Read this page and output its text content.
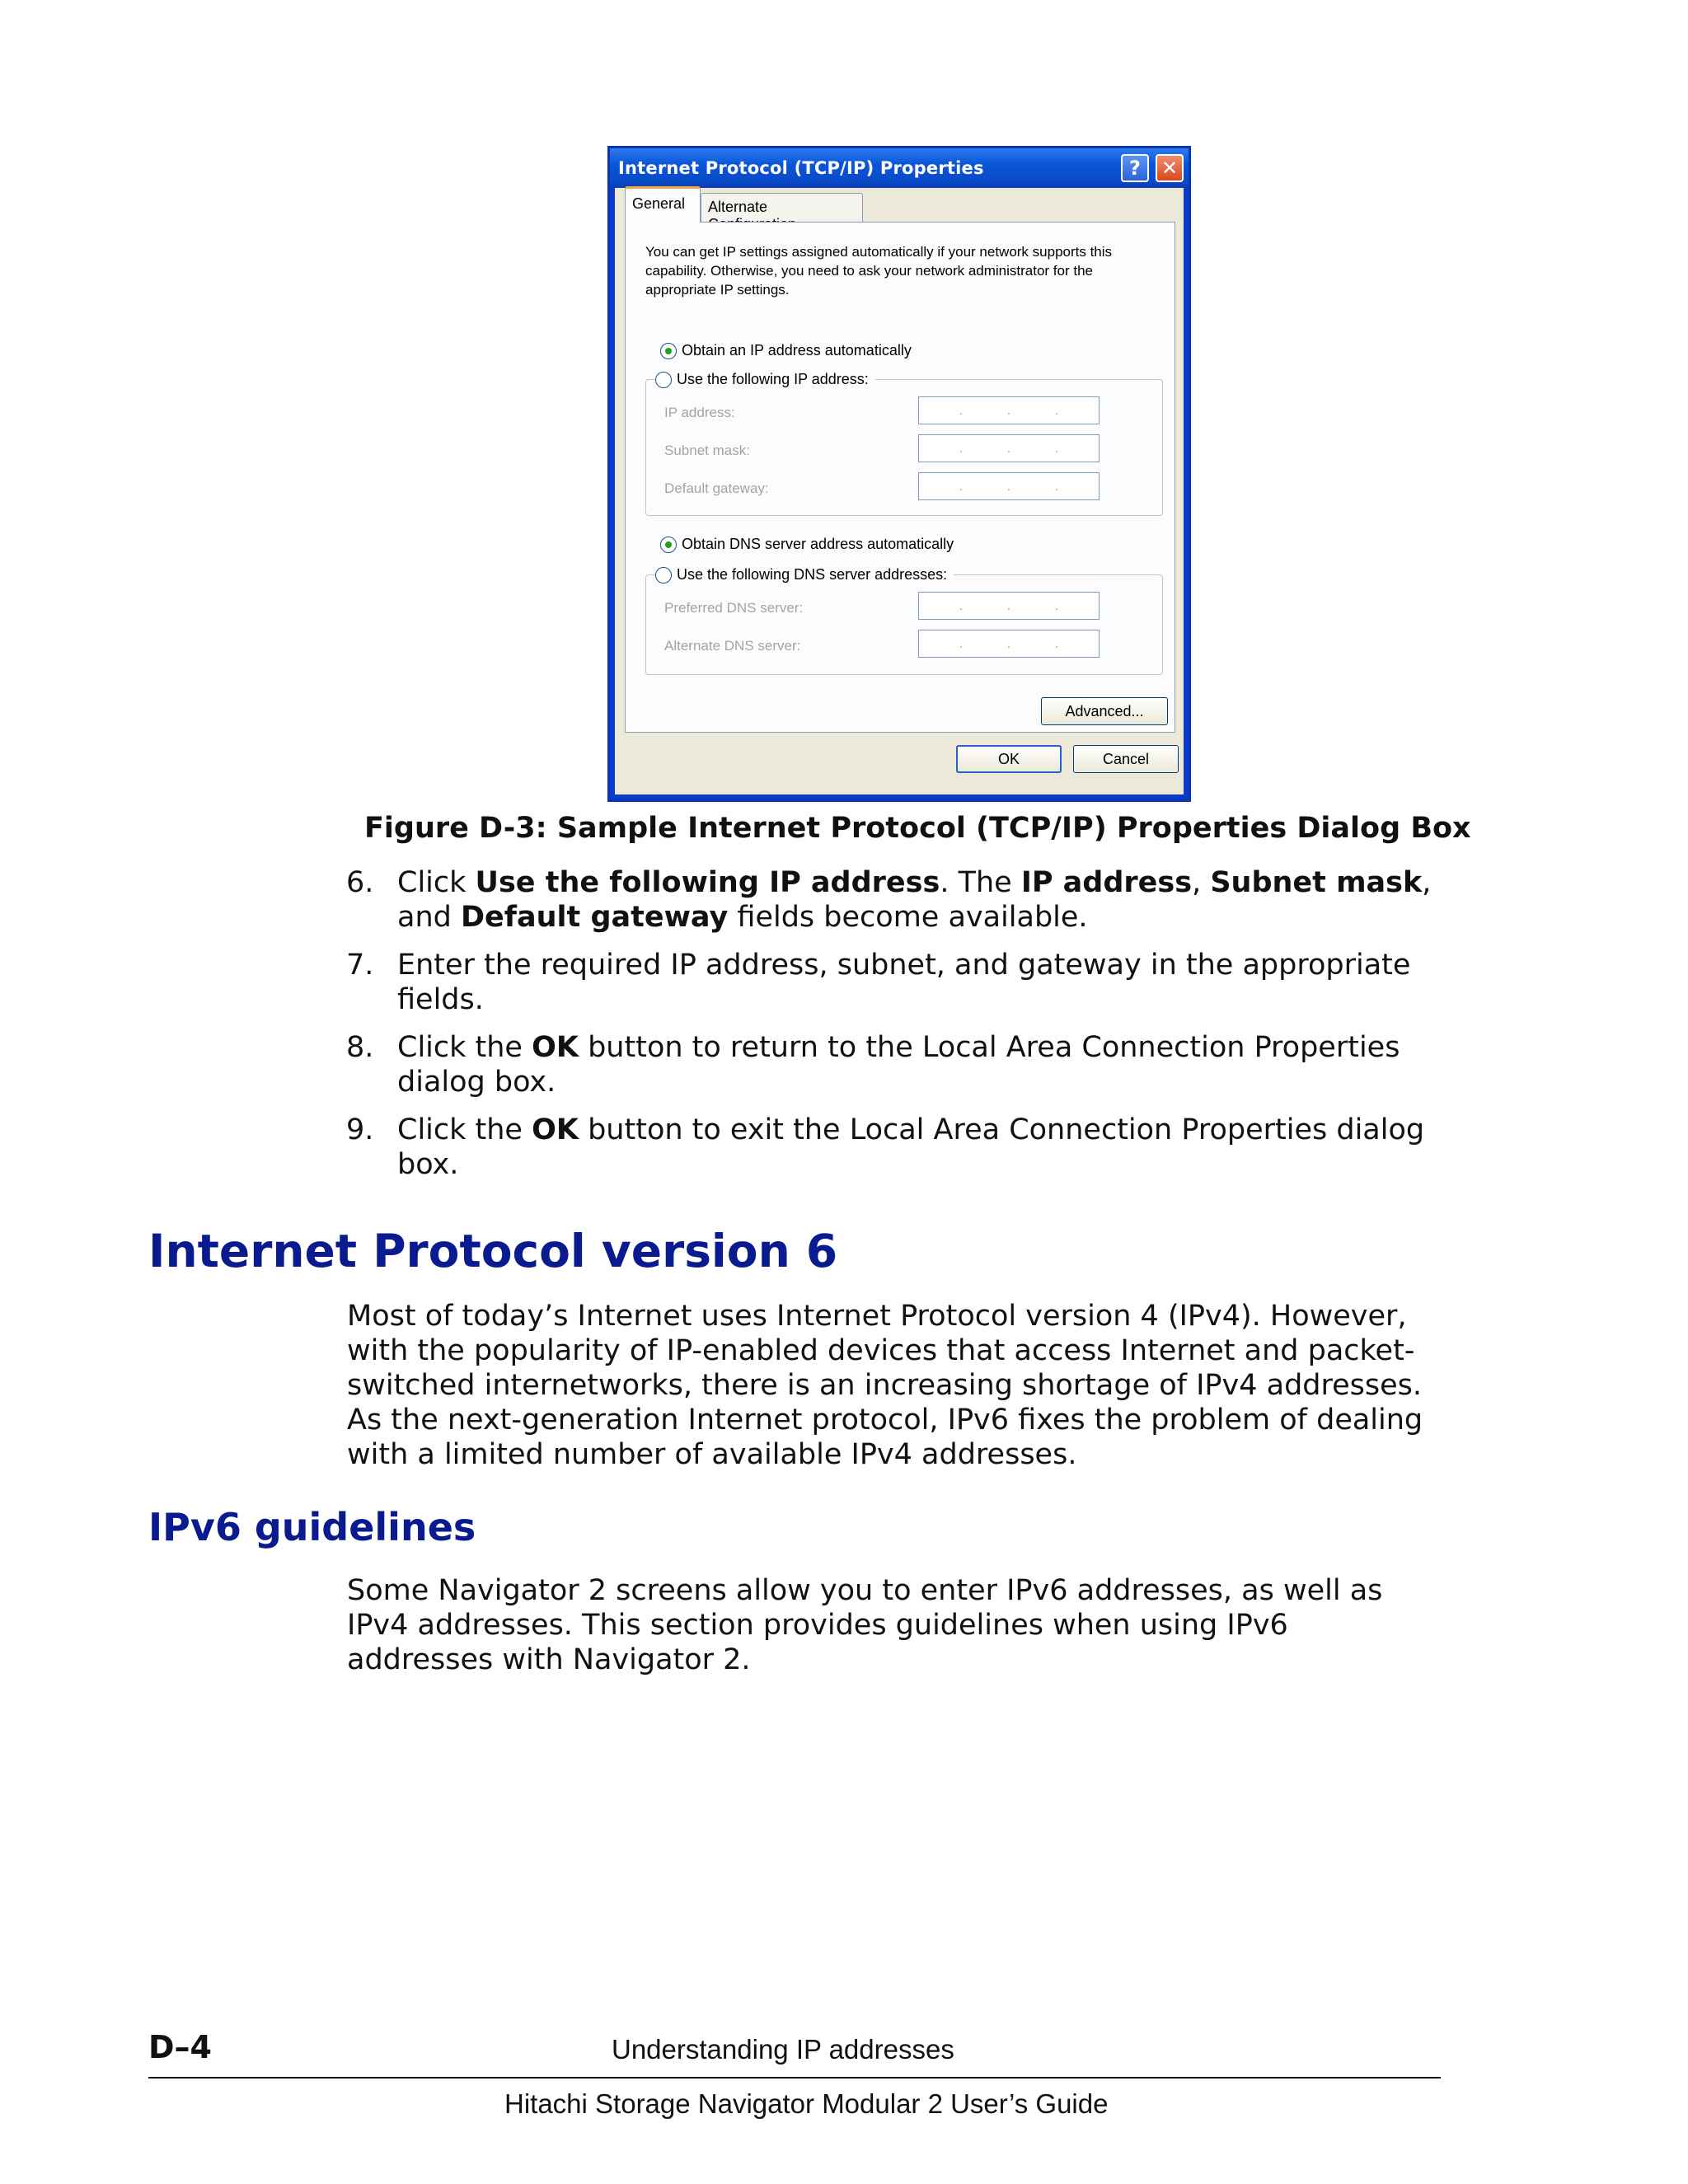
Internet Protocol (TCP/IP) Properties	?	✕
General	Alternate
You can get IP settings assigned automatically if your network supports this capability. Otherwise, you need to ask your network administrator for the appropriate IP settings.
Obtain an IP address automatically
IP address:	.	.	.
Subnet mask:	.	.	.
Default gateway:	.	.	.
Use the following IP address:
Obtain DNS server address automatically
Preferred DNS server:	.	.	.
Alternate DNS server:	.	.	.
Use the following DNS server addresses:
Advanced...
OK	Cancel
Figure D-3: Sample Internet Protocol (TCP/IP) Properties Dialog Box
6. Click Use the following IP address. The IP address, Subnet mask, and Default gateway fields become available.
7. Enter the required IP address, subnet, and gateway in the appropriate fields.
8. Click the OK button to return to the Local Area Connection Properties dialog box.
9. Click the OK button to exit the Local Area Connection Properties dialog box.
Internet Protocol version 6

Most of today’s Internet uses Internet Protocol version 4 (IPv4). However, with the popularity of IP-enabled devices that access Internet and packet-switched internetworks, there is an increasing shortage of IPv4 addresses. As the next-generation Internet protocol, IPv6 fixes the problem of dealing with a limited number of available IPv4 addresses.

IPv6 guidelines

Some Navigator 2 screens allow you to enter IPv6 addresses, as well as IPv4 addresses. This section provides guidelines when using IPv6 addresses with Navigator 2.

D–4	Understanding IP addresses
Hitachi Storage Navigator Modular 2 User’s Guide
